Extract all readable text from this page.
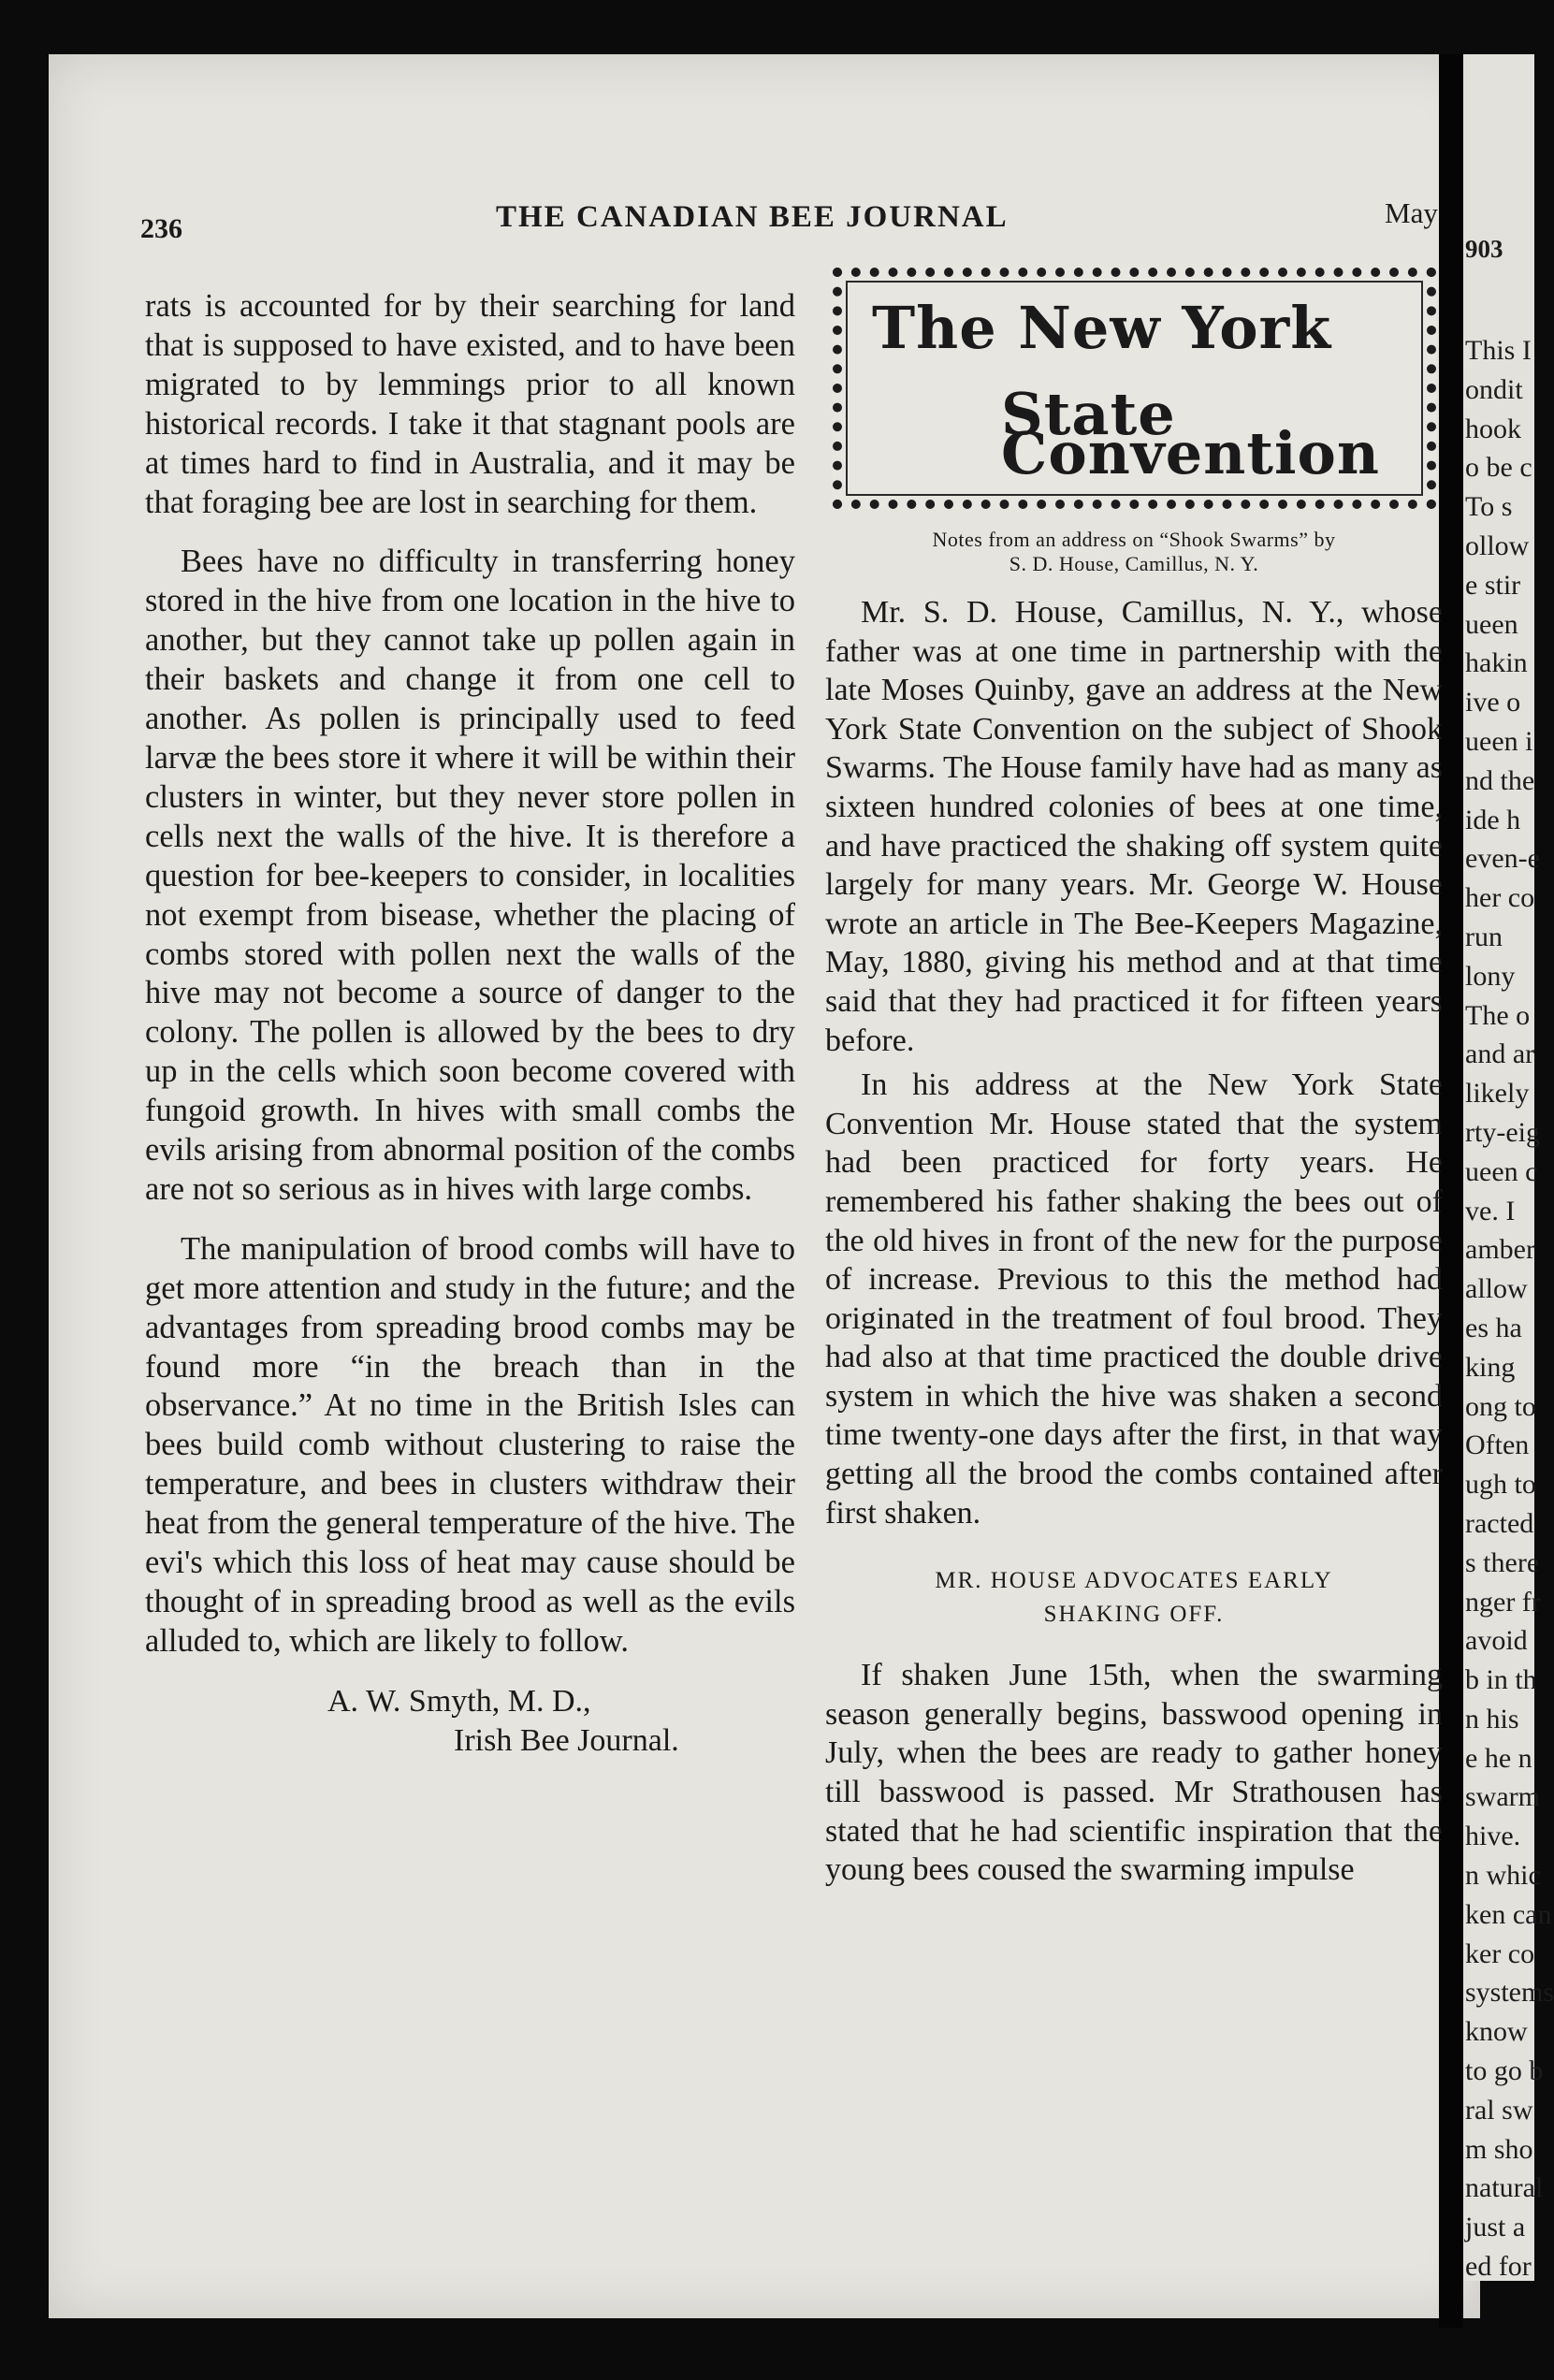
903
This I
ondit
hook
o be c
To s
ollow
e stir
ueen
hakin
ive o
ueen i
nd the
ide h
even-e
her co
run
lony
The o
and ar
likely
rty-eig
ueen c
ve. I
amber
allow
es ha
king
ong to
Often
ugh to
racted
s there
nger fr
avoid
b in th
n his
e he n
swarm
hive.
n whic
ken can
ker co
systems
know
to go b
ral sw
m sho
natural
just a
ed for
236	THE CANADIAN BEE JOURNAL	May

rats is accounted for by their searching for land that is supposed to have existed, and to have been migrated to by lemmings prior to all known historical records. I take it that stagnant pools are at times hard to find in Australia, and it may be that foraging bee are lost in searching for them.

Bees have no difficulty in transferring honey stored in the hive from one location in the hive to another, but they cannot take up pollen again in their baskets and change it from one cell to another. As pollen is principally used to feed larvæ the bees store it where it will be within their clusters in winter, but they never store pollen in cells next the walls of the hive. It is therefore a question for bee-keepers to consider, in localities not exempt from bisease, whether the placing of combs stored with pollen next the walls of the hive may not become a source of danger to the colony. The pollen is allowed by the bees to dry up in the cells which soon become covered with fungoid growth. In hives with small combs the evils arising from abnormal position of the combs are not so serious as in hives with large combs.

The manipulation of brood combs will have to get more attention and study in the future; and the advantages from spreading brood combs may be found more “in the breach than in the observance.” At no time in the British Isles can bees build comb without clustering to raise the temperature, and bees in clusters withdraw their heat from the general temperature of the hive. The evi's which this loss of heat may cause should be thought of in spreading brood as well as the evils alluded to, which are likely to follow.

A. W. Smyth, M. D.,
Irish Bee Journal.
The New York
State Convention
Notes from an address on “Shook Swarms” by
S. D. House, Camillus, N. Y.

Mr. S. D. House, Camillus, N. Y., whose father was at one time in partnership with the late Moses Quinby, gave an address at the New York State Convention on the subject of Shook Swarms. The House family have had as many as sixteen hundred colonies of bees at one time, and have practiced the shaking off system quite largely for many years. Mr. George W. House wrote an article in The Bee-Keepers Magazine, May, 1880, giving his method and at that time said that they had practiced it for fifteen years before.

In his address at the New York State Convention Mr. House stated that the system had been practiced for forty years. He remembered his father shaking the bees out of the old hives in front of the new for the purpose of increase. Previous to this the method had originated in the treatment of foul brood. They had also at that time practiced the double drive system in which the hive was shaken a second time twenty-one days after the first, in that way getting all the brood the combs contained after first shaken.

MR. HOUSE ADVOCATES EARLY
SHAKING OFF.

If shaken June 15th, when the swarming season generally begins, basswood opening in July, when the bees are ready to gather honey till basswood is passed. Mr Strathousen has stated that he had scientific inspiration that the young bees coused the swarming impulse
